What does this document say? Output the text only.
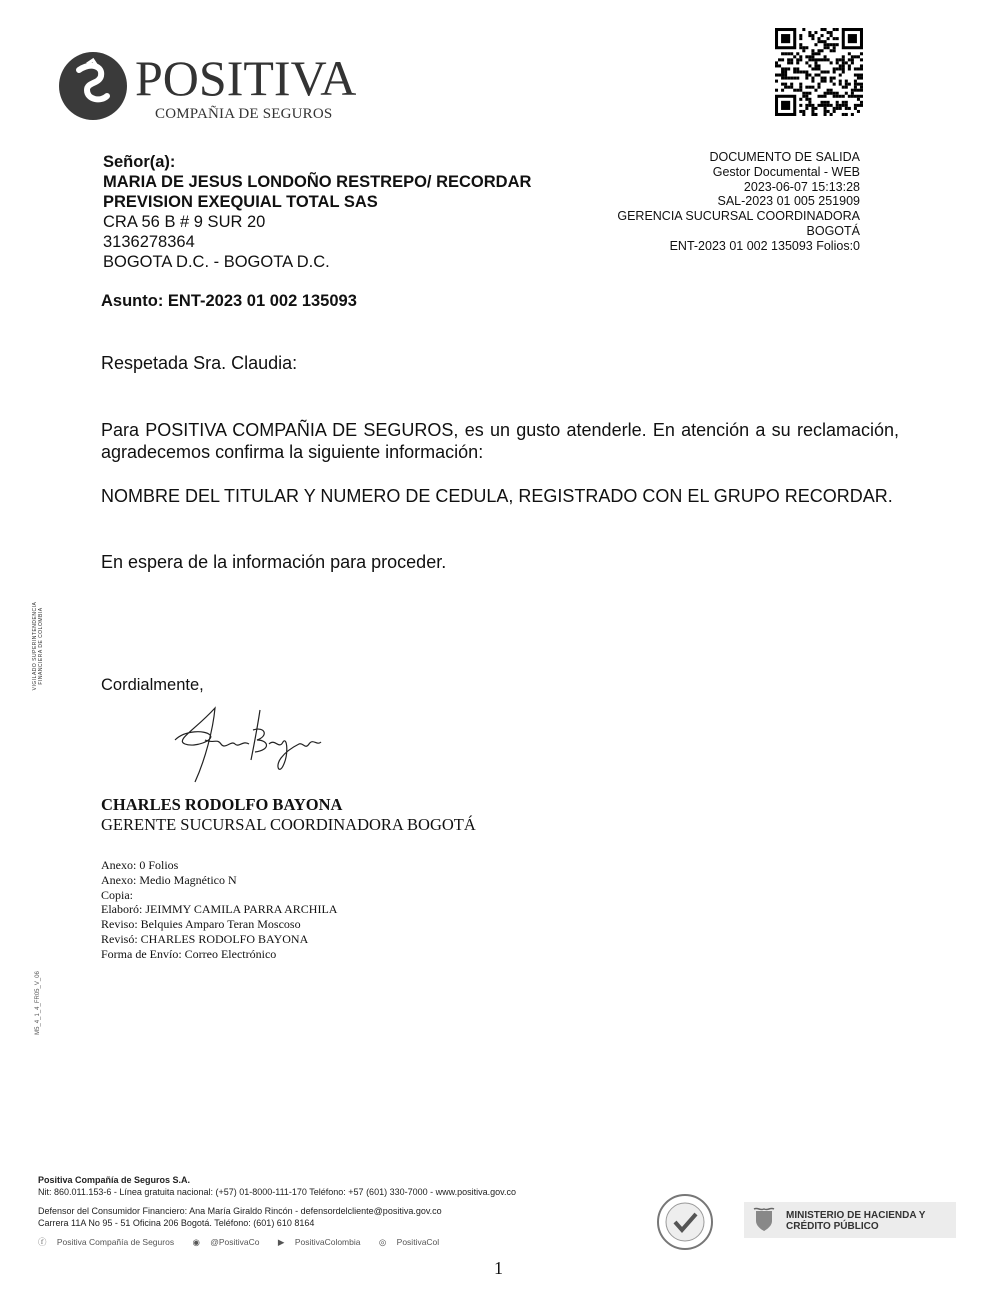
POSITIVA
COMPAÑIA DE SEGUROS
Señor(a):
MARIA DE JESUS LONDOÑO RESTREPO/ RECORDAR
PREVISION EXEQUIAL TOTAL SAS
CRA 56 B # 9 SUR 20
3136278364
BOGOTA D.C. - BOGOTA D.C.
DOCUMENTO DE SALIDA
Gestor Documental - WEB
2023-06-07 15:13:28
SAL-2023 01 005 251909
GERENCIA SUCURSAL COORDINADORA
BOGOTÁ
ENT-2023 01 002 135093 Folios:0
Asunto: ENT-2023 01 002 135093
Respetada Sra. Claudia:
Para POSITIVA COMPAÑIA DE SEGUROS, es un gusto atenderle. En atención a su reclamación, agradecemos confirma la siguiente información:
NOMBRE DEL TITULAR Y NUMERO DE CEDULA, REGISTRADO CON EL GRUPO RECORDAR.
En espera de la información para proceder.
Cordialmente,
CHARLES RODOLFO BAYONA
GERENTE SUCURSAL COORDINADORA BOGOTÁ
Anexo: 0 Folios
Anexo: Medio Magnético N
Copia:
Elaboró: JEIMMY CAMILA PARRA ARCHILA
Reviso: Belquies Amparo Teran Moscoso
Revisó: CHARLES RODOLFO BAYONA
Forma de Envío: Correo Electrónico
VIGILADO SUPERINTENDENCIA FINANCIERA DE COLOMBIA
M5_4_1_4_FR05_V_06
Positiva Compañía de Seguros S.A.
Nit: 860.011.153-6 - Línea gratuita nacional: (+57) 01-8000-111-170 Teléfono: +57 (601) 330-7000 - www.positiva.gov.co
Defensor del Consumidor Financiero: Ana María Giraldo Rincón - defensordelcliente@positiva.gov.co
Carrera 11A No 95 - 51 Oficina 206 Bogotá. Teléfono: (601) 610 8164
ⓕ Positiva Compañía de Seguros ◉ @PositivaCo ▶ PositivaColombia ◎ PositivaCol
MINISTERIO DE HACIENDA Y
CRÉDITO PÚBLICO
1
